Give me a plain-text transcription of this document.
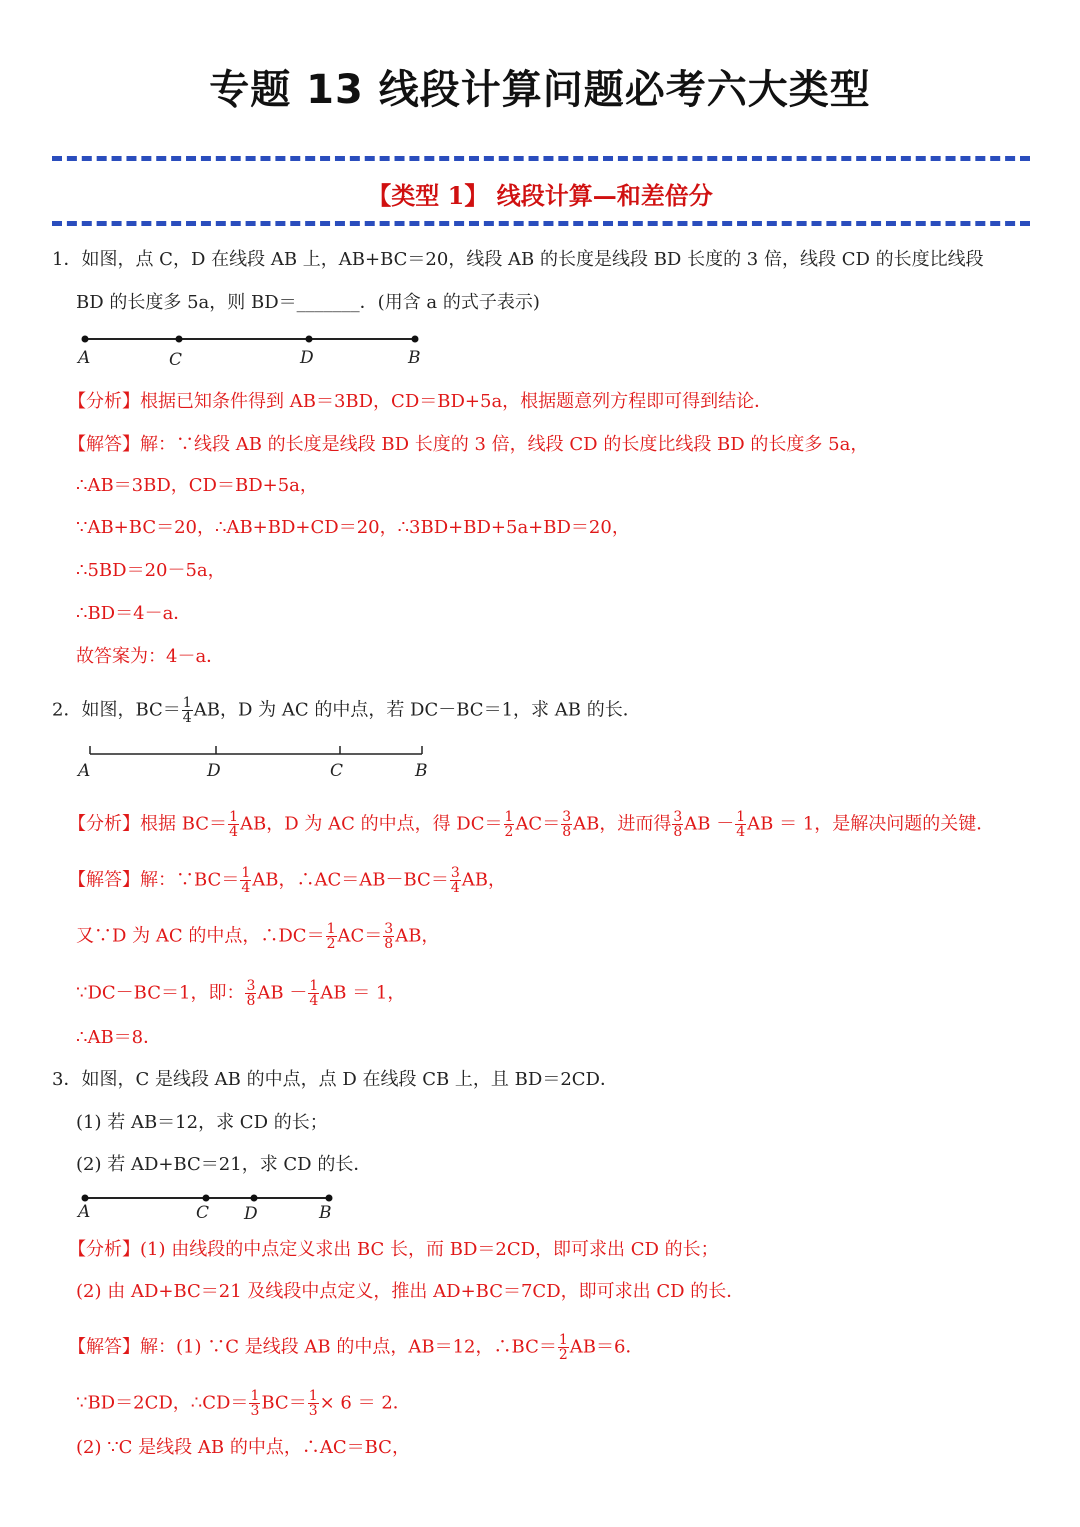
专题 13 线段计算问题必考六大类型
【类型 1】 线段计算—和差倍分
1．如图，点 C，D 在线段 AB 上，AB+BC＝20，线段 AB 的长度是线段 BD 长度的 3 倍，线段 CD 的长度比线段
BD 的长度多 5a，则 BD＝_______．(用含 a 的式子表示)
A	C	D	B
【分析】根据已知条件得到 AB＝3BD，CD＝BD+5a，根据题意列方程即可得到结论．
【解答】解：∵线段 AB 的长度是线段 BD 长度的 3 倍，线段 CD 的长度比线段 BD 的长度多 5a，
∴AB＝3BD，CD＝BD+5a，
∵AB+BC＝20，∴AB+BD+CD＝20，∴3BD+BD+5a+BD＝20，
∴5BD＝20－5a，
∴BD＝4－a．
故答案为：4－a．
2．如图，$BC= \frac{1}{4}$ AB，D 为 AC 的中点，若 DC－BC＝1，求 AB 的长．
A	D	C	B
【分析】根据 $BC= \frac{1}{4}$ AB，D 为 AC 的中点，得 $DC= \frac{1}{2} AC= \frac{3}{8}$ AB，进而得 $\frac{3}{8}$ AB － $\frac{1}{4}$ AB ＝ 1，是解决问题的关键．
【解答】解：∵BC＝ $\frac{1}{4}$ AB，∴AC＝AB－BC＝ $\frac{3}{4}$ AB，
又∵D 为 AC 的中点，∴DC＝ $\frac{1}{2} AC= \frac{3}{8}$ AB，
∵DC－BC＝1，即： $\frac{3}{8}$ AB － $\frac{1}{4}$ AB ＝ 1，
∴AB＝8．
3．如图，C 是线段 AB 的中点，点 D 在线段 CB 上，且 BD＝2CD．
(1) 若 AB＝12，求 CD 的长；
(2) 若 AD+BC＝21，求 CD 的长．
A	C D	B
【分析】(1) 由线段的中点定义求出 BC 长，而 BD＝2CD，即可求出 CD 的长；
(2) 由 AD+BC＝21 及线段中点定义，推出 AD+BC＝7CD，即可求出 CD 的长．
【解答】解：(1) ∵C 是线段 AB 的中点，AB＝12，∴BC＝ $\frac{1}{2} AB=6$．
∵BD＝2CD，∴CD＝ $\frac{1}{3} BC= \frac{1}{3} \times 6 = 2$．
(2) ∵C 是线段 AB 的中点，∴AC＝BC，
